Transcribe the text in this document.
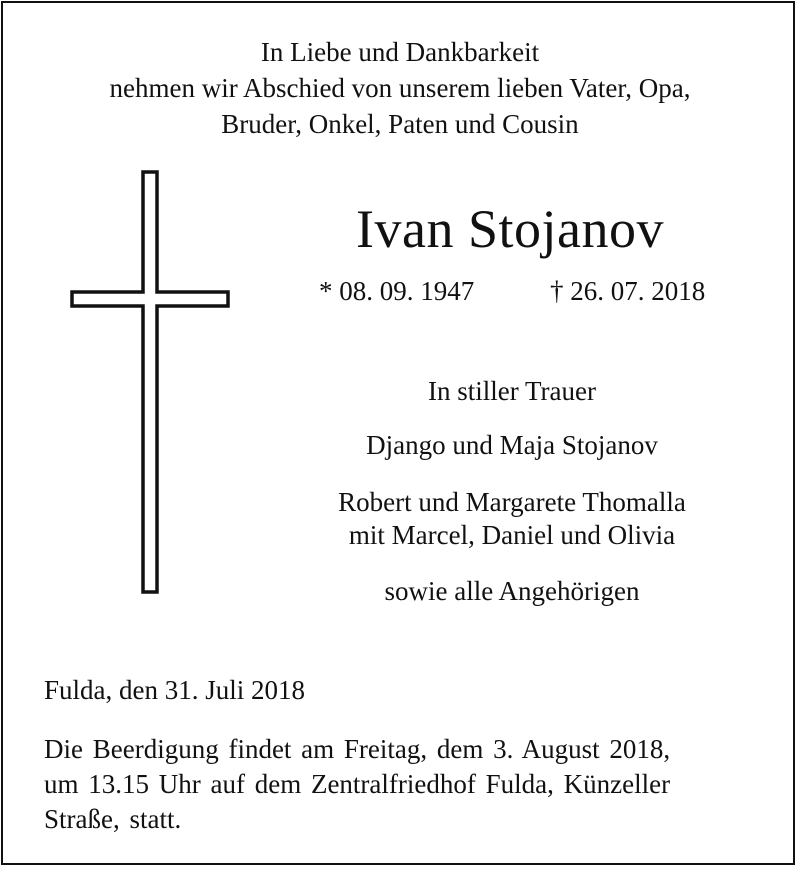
In Liebe und Dankbarkeit
nehmen wir Abschied von unserem lieben Vater, Opa,
Bruder, Onkel, Paten und Cousin
Ivan Stojanov
* 08. 09. 1947	† 26. 07. 2018
In stiller Trauer
Django und Maja Stojanov
Robert und Margarete Thomalla
mit Marcel, Daniel und Olivia
sowie alle Angehörigen
Fulda, den 31. Juli 2018
Die Beerdigung findet am Freitag, dem 3. August 2018,
um 13.15 Uhr auf dem Zentralfriedhof Fulda, Künzeller
Straße, statt.
